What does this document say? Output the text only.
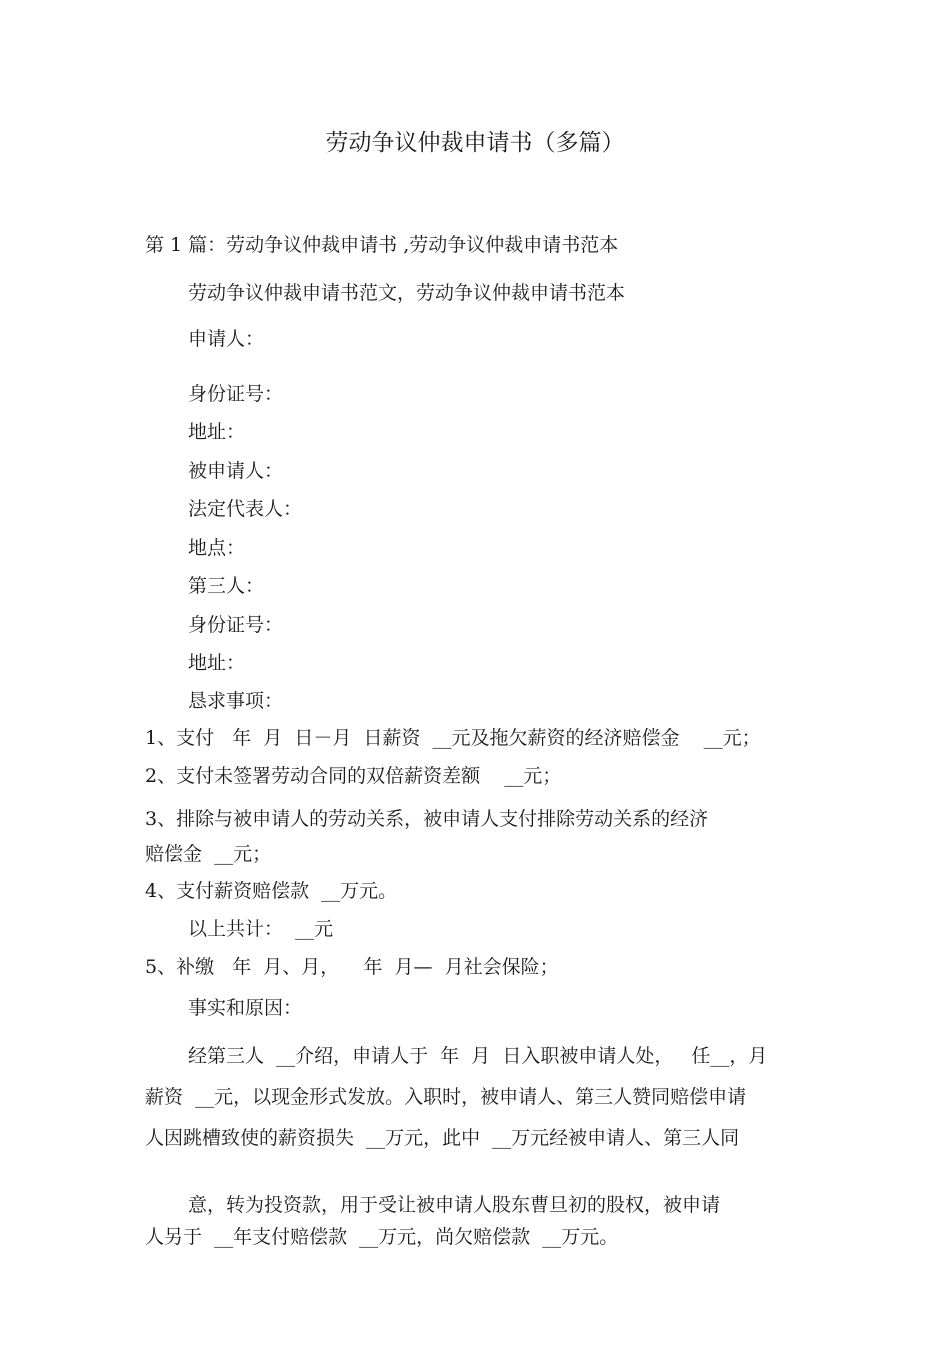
劳动争议仲裁申请书（多篇）
第 1 篇：劳动争议仲裁申请书 ,劳动争议仲裁申请书范本
劳动争议仲裁申请书范文，劳动争议仲裁申请书范本
申请人：
身份证号：
地址：
被申请人：
法定代表人：
地点：
第三人：
身份证号：
地址：
恳求事项：
1、支付   年  月  日－月  日薪资  __元及拖欠薪资的经济赔偿金    __元；
2、支付未签署劳动合同的双倍薪资差额    __元；
3、排除与被申请人的劳动关系，被申请人支付排除劳动关系的经济
赔偿金  __元；
4、支付薪资赔偿款  __万元。
以上共计：  __元
5、补缴   年  月、月，    年  月—  月社会保险；
事实和原因：
经第三人  __介绍，申请人于  年  月  日入职被申请人处，   任__，月
薪资  __元，以现金形式发放。入职时，被申请人、第三人赞同赔偿申请
人因跳槽致使的薪资损失  __万元，此中  __万元经被申请人、第三人同
意，转为投资款，用于受让被申请人股东曹旦初的股权，被申请
人另于  __年支付赔偿款  __万元，尚欠赔偿款  __万元。
